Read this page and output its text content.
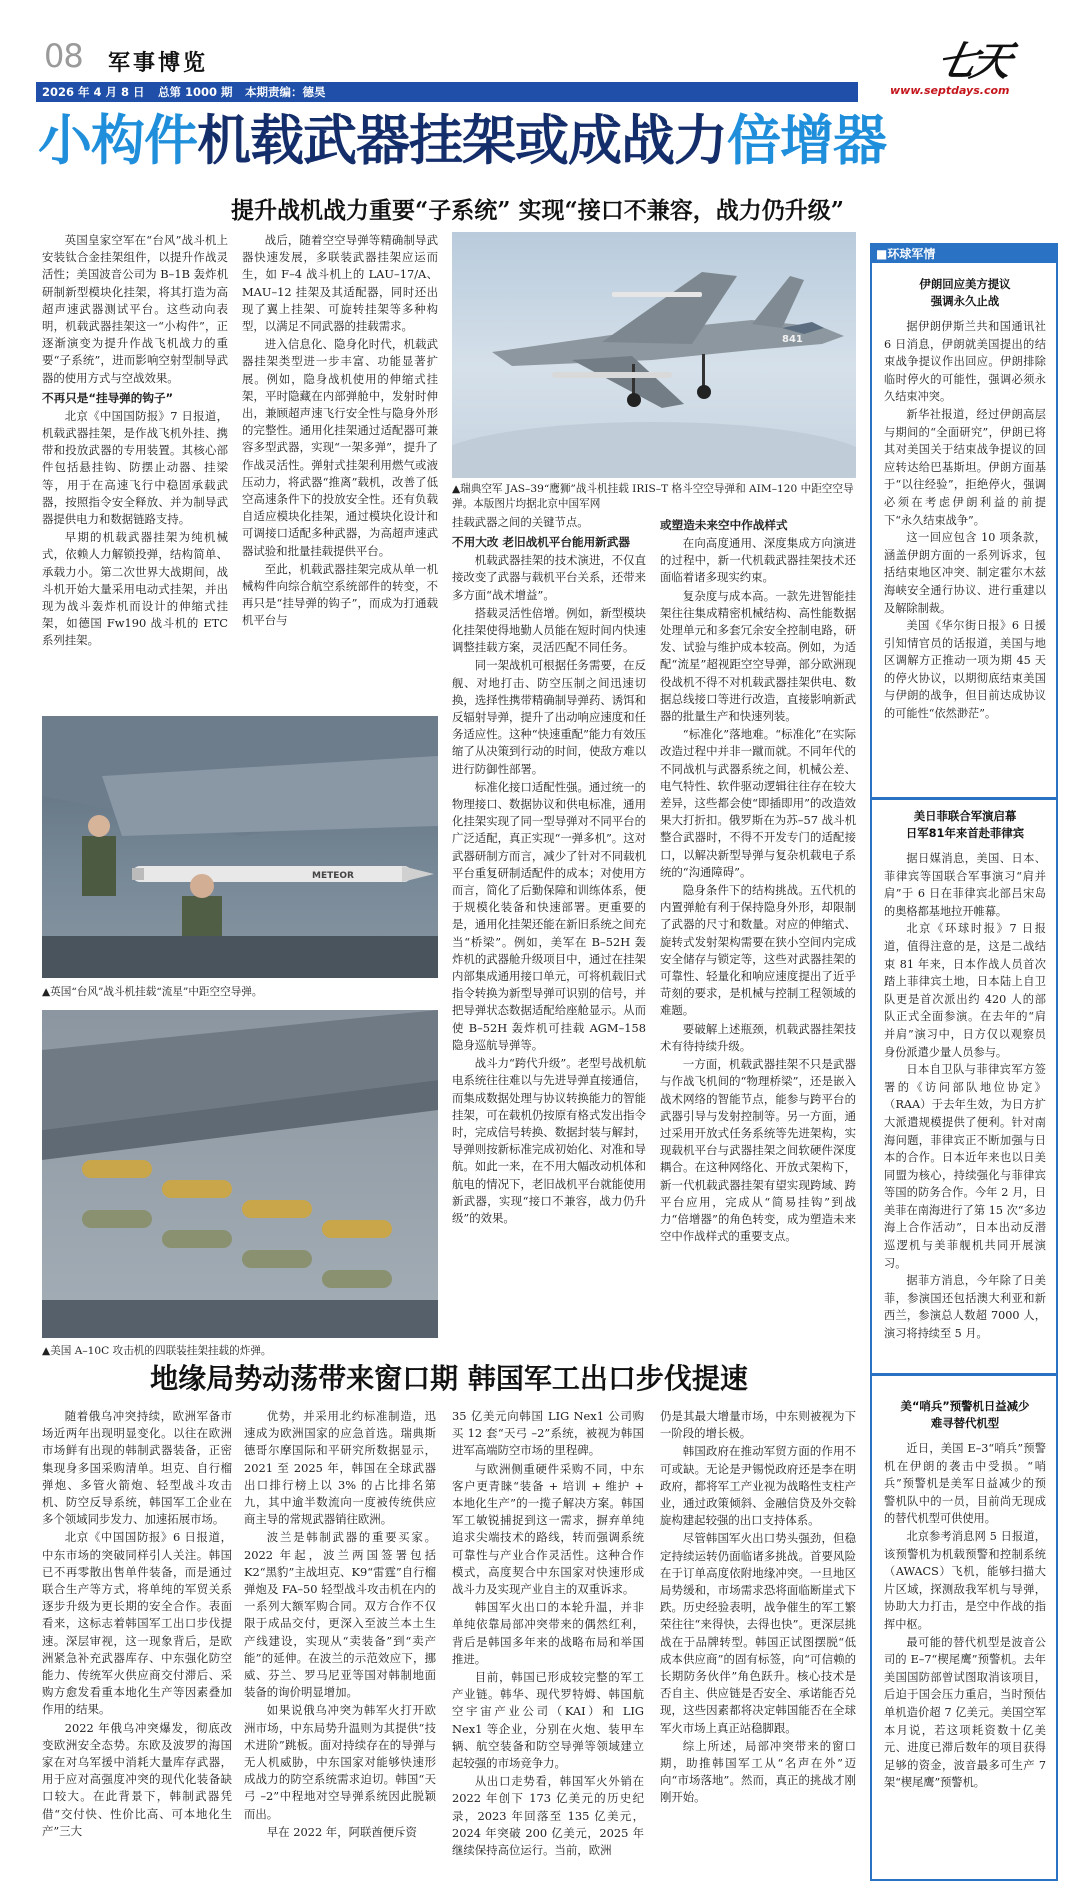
08 军事博览
2026 年 4 月 8 日 总第 1000 期 本期责编：德昊
七天
www.septdays.com
小构件机载武器挂架或成战力倍增器
提升战机战力重要“子系统” 实现“接口不兼容，战力仍升级”

英国皇家空军在“台风”战斗机上安装钛合金挂架组件，以提升作战灵活性；美国波音公司为 B–1B 轰炸机研制新型模块化挂架，将其打造为高超声速武器测试平台。这些动向表明，机载武器挂架这一“小构件”，正逐渐演变为提升作战飞机战力的重要“子系统”，进而影响空射型制导武器的使用方式与空战效果。

不再只是“挂导弹的钩子”

北京《中国国防报》7 日报道，机载武器挂架，是作战飞机外挂、携带和投放武器的专用装置。其核心部件包括悬挂钩、防摆止动器、挂梁等，用于在高速飞行中稳固承载武器，按照指令安全释放、并为制导武器提供电力和数据链路支持。

早期的机载武器挂架为纯机械式，依赖人力解锁投弹，结构简单、承载力小。第二次世界大战期间，战斗机开始大量采用电动式挂架，并出现为战斗轰炸机而设计的伸缩式挂架，如德国 Fw190 战斗机的 ETC 系列挂架。

战后，随着空空导弹等精确制导武器快速发展，多联装武器挂架应运而生，如 F–4 战斗机上的 LAU–17/A、MAU–12 挂架及其适配器，同时还出现了翼上挂架、可旋转挂架等多种构型，以满足不同武器的挂载需求。

进入信息化、隐身化时代，机载武器挂架类型进一步丰富、功能显著扩展。例如，隐身战机使用的伸缩式挂架，平时隐藏在内部弹舱中，发射时伸出，兼顾超声速飞行安全性与隐身外形的完整性。通用化挂架通过适配器可兼容多型武器，实现“一架多弹”，提升了作战灵活性。弹射式挂架利用燃气或液压动力，将武器“推离”载机，改善了低空高速条件下的投放安全性。还有负载自适应模块化挂架，通过模块化设计和可调接口适配多种武器，为高超声速武器试验和批量挂载提供平台。

至此，机载武器挂架完成从单一机械构件向综合航空系统部件的转变，不再只是“挂导弹的钩子”，而成为打通载机平台与

841
▲瑞典空军 JAS–39“鹰狮”战斗机挂载 IRIS–T 格斗空空导弹和 AIM–120 中距空空导弹。本版图片均据北京中国军网

挂载武器之间的关键节点。

不用大改 老旧战机平台能用新武器

机载武器挂架的技术演进，不仅直接改变了武器与载机平台关系，还带来多方面“战术增益”。

搭载灵活性倍增。例如，新型模块化挂架使得地勤人员能在短时间内快速调整挂载方案，灵活匹配不同任务。

同一架战机可根据任务需要，在反舰、对地打击、防空压制之间迅速切换，选择性携带精确制导弹药、诱饵和反辐射导弹，提升了出动响应速度和任务适应性。这种“快速重配”能力有效压缩了从决策到行动的时间，使敌方难以进行防御性部署。

标准化接口适配性强。通过统一的物理接口、数据协议和供电标准，通用化挂架实现了同一型导弹对不同平台的广泛适配，真正实现“一弹多机”。这对武器研制方而言，减少了针对不同载机平台重复研制适配件的成本；对使用方而言，简化了后勤保障和训练体系，便于规模化装备和快速部署。更重要的是，通用化挂架还能在新旧系统之间充当“桥梁”。例如，美军在 B–52H 轰炸机的武器舱升级项目中，通过在挂架内部集成通用接口单元，可将机载旧式指令转换为新型导弹可识别的信号，并把导弹状态数据适配给座舱显示。从而使 B–52H 轰炸机可挂载 AGM–158 隐身巡航导弹等。

战斗力“跨代升级”。老型号战机航电系统往往难以与先进导弹直接通信，而集成数据处理与协议转换能力的智能挂架，可在载机仍按原有格式发出指令时，完成信号转换、数据封装与解封，导弹则按新标准完成初始化、对准和导航。如此一来，在不用大幅改动机体和航电的情况下，老旧战机平台就能使用新武器，实现“接口不兼容，战力仍升级”的效果。

或塑造未来空中作战样式

在向高度通用、深度集成方向演进的过程中，新一代机载武器挂架技术还面临着诸多现实约束。

复杂度与成本高。一款先进智能挂架往往集成精密机械结构、高性能数据处理单元和多套冗余安全控制电路，研发、试验与维护成本较高。例如，为适配“流星”超视距空空导弹，部分欧洲现役战机不得不对机载武器挂架供电、数据总线接口等进行改造，直接影响新武器的批量生产和快速列装。

“标准化”落地难。“标准化”在实际改造过程中并非一蹴而就。不同年代的不同战机与武器系统之间，机械公差、电气特性、软件驱动逻辑往往存在较大差异，这些都会使“即插即用”的改造效果大打折扣。俄罗斯在为苏–57 战斗机整合武器时，不得不开发专门的适配接口，以解决新型导弹与复杂机载电子系统的“沟通障碍”。

隐身条件下的结构挑战。五代机的内置弹舱有利于保持隐身外形，却限制了武器的尺寸和数量。对应的伸缩式、旋转式发射架构需要在狭小空间内完成安全储存与锁定等，这些对武器挂架的可靠性、轻量化和响应速度提出了近乎苛刻的要求，是机械与控制工程领域的难题。

要破解上述瓶颈，机载武器挂架技术有待持续升级。

一方面，机载武器挂架不只是武器与作战飞机间的“物理桥梁”，还是嵌入战术网络的智能节点，能参与跨平台的武器引导与发射控制等。另一方面，通过采用开放式任务系统等先进架构，实现载机平台与武器挂架之间软硬件深度耦合。在这种网络化、开放式架构下，新一代机载武器挂架有望实现跨域、跨平台应用，完成从“简易挂钩”到战力“倍增器”的角色转变，成为塑造未来空中作战样式的重要支点。

METEOR
▲英国“台风”战斗机挂载“流星”中距空空导弹。
▲美国 A–10C 攻击机的四联装挂架挂载的炸弹。
■环球军情
伊朗回应美方提议
强调永久止战

据伊朗伊斯兰共和国通讯社 6 日消息，伊朗就美国提出的结束战争提议作出回应。伊朗排除临时停火的可能性，强调必须永久结束冲突。

新华社报道，经过伊朗高层与期间的“全面研究”，伊朗已将其对美国关于结束战争提议的回应转达给巴基斯坦。伊朗方面基于“以往经验”，拒绝停火，强调必须在考虑伊朗利益的前提下“永久结束战争”。

这一回应包含 10 项条款，涵盖伊朗方面的一系列诉求，包括结束地区冲突、制定霍尔木兹海峡安全通行协议、进行重建以及解除制裁。

美国《华尔街日报》6 日援引知情官员的话报道，美国与地区调解方正推动一项为期 45 天的停火协议，以期彻底结束美国与伊朗的战争，但目前达成协议的可能性“依然渺茫”。

美日菲联合军演启幕
日军81年来首赴菲律宾

据日媒消息，美国、日本、菲律宾等国联合军事演习“肩并肩”于 6 日在菲律宾北部吕宋岛的奥格都基地拉开帷幕。

北京《环球时报》7 日报道，值得注意的是，这是二战结束 81 年来，日本作战人员首次踏上菲律宾土地，日本陆上自卫队更是首次派出约 420 人的部队正式全面参演。在去年的“肩并肩”演习中，日方仅以观察员身份派遣少量人员参与。

日本自卫队与菲律宾军方签署的《访问部队地位协定》（RAA）于去年生效，为日方扩大派遣规模提供了便利。针对南海问题，菲律宾正不断加强与日本的合作。日本近年来也以日美同盟为核心，持续强化与菲律宾等国的防务合作。今年 2 月，日美菲在南海进行了第 15 次“多边海上合作活动”，日本出动反潜巡逻机与美菲舰机共同开展演习。

据菲方消息，今年除了日美菲，参演国还包括澳大利亚和新西兰，参演总人数超 7000 人，演习将持续至 5 月。

美“哨兵”预警机日益减少
难寻替代机型

近日，美国 E–3“哨兵”预警机在伊朗的袭击中受损。“哨兵”预警机是美军日益减少的预警机队中的一员，目前尚无现成的替代机型可供使用。

北京参考消息网 5 日报道，该预警机为机载预警和控制系统（AWACS）飞机，能够扫描大片区域，探测敌我军机与导弹，协助大力打击，是空中作战的指挥中枢。

最可能的替代机型是波音公司的 E–7“楔尾鹰”预警机。去年美国国防部曾试图取消该项目，后迫于国会压力重启，当时预估单机造价超 7 亿美元。美国空军本月说，若这项耗资数十亿美元、进度已滞后数年的项目获得足够的资金，波音最多可生产 7 架“楔尾鹰”预警机。

地缘局势动荡带来窗口期 韩国军工出口步伐提速

随着俄乌冲突持续，欧洲军备市场近两年出现明显变化。以往在欧洲市场鲜有出现的韩制武器装备，正密集现身多国采购清单。坦克、自行榴弹炮、多管火箭炮、轻型战斗攻击机、防空反导系统，韩国军工企业在多个领域同步发力、加速拓展市场。

北京《中国国防报》6 日报道，中东市场的突破同样引人关注。韩国已不再零散出售单件装备，而是通过联合生产等方式，将单纯的军贸关系逐步升级为更长期的安全合作。表面看来，这标志着韩国军工出口步伐提速。深层审视，这一现象背后，是欧洲紧急补充武器库存、中东强化防空能力、传统军火供应商交付滞后、采购方愈发看重本地化生产等因素叠加作用的结果。

2022 年俄乌冲突爆发，彻底改变欧洲安全态势。东欧及波罗的海国家在对乌军援中消耗大量库存武器，用于应对高强度冲突的现代化装备缺口较大。在此背景下，韩制武器凭借“交付快、性价比高、可本地化生产”三大

优势，并采用北约标准制造，迅速成为欧洲国家的应急首选。瑞典斯德哥尔摩国际和平研究所数据显示，2021 至 2025 年，韩国在全球武器出口排行榜上以 3% 的占比排名第九，其中逾半数流向一度被传统供应商主导的常规武器销往欧洲。

波兰是韩制武器的重要买家。2022 年起，波兰两国签署包括 K2“黑豹”主战坦克、K9“雷霆”自行榴弹炮及 FA–50 轻型战斗攻击机在内的一系列大额军购合同。双方合作不仅限于成品交付，更深入至波兰本土生产线建设，实现从“卖装备”到“卖产能”的延伸。在波兰的示范效应下，挪威、芬兰、罗马尼亚等国对韩制地面装备的询价明显增加。

如果说俄乌冲突为韩军火打开欧洲市场，中东局势升温则为其提供“技术进阶”跳板。面对持续存在的导弹与无人机威胁，中东国家对能够快速形成战力的防空系统需求迫切。韩国“天弓 –2”中程地对空导弹系统因此脱颖而出。

早在 2022 年，阿联酋便斥资

35 亿美元向韩国 LIG Nex1 公司购买 12 套“天弓 –2”系统，被视为韩国进军高端防空市场的里程碑。

与欧洲侧重硬件采购不同，中东客户更青睐“装备 + 培训 + 维护 + 本地化生产”的一揽子解决方案。韩国军工敏锐捕捉到这一需求，摒弃单纯追求尖端技术的路线，转而强调系统可靠性与产业合作灵活性。这种合作模式，高度契合中东国家对快速形成战斗力及实现产业自主的双重诉求。

韩国军火出口的本轮升温，并非单纯依靠局部冲突带来的偶然红利，背后是韩国多年来的战略布局和举国推进。

目前，韩国已形成较完整的军工产业链。韩华、现代罗特姆、韩国航空宇宙产业公司（KAI）和 LIG Nex1 等企业，分别在火炮、装甲车辆、航空装备和防空导弹等领域建立起较强的市场竞争力。

从出口走势看，韩国军火外销在 2022 年创下 173 亿美元的历史纪录，2023 年回落至 135 亿美元，2024 年突破 200 亿美元，2025 年继续保持高位运行。当前，欧洲

仍是其最大增量市场，中东则被视为下一阶段的增长极。

韩国政府在推动军贸方面的作用不可或缺。无论是尹锡悦政府还是李在明政府，都将军工产业视为战略性支柱产业，通过政策倾斜、金融信贷及外交斡旋构建起较强的出口支持体系。

尽管韩国军火出口势头强劲，但稳定持续运转仍面临诸多挑战。首要风险在于订单高度依附地缘冲突。一旦地区局势缓和，市场需求恐将面临断崖式下跌。历史经验表明，战争催生的军工繁荣往往“来得快，去得也快”。更深层挑战在于品牌转型。韩国正试图摆脱“低成本供应商”的固有标签，向“可信赖的长期防务伙伴”角色跃升。核心技术是否自主、供应链是否安全、承诺能否兑现，这些因素都将决定韩国能否在全球军火市场上真正站稳脚跟。

综上所述，局部冲突带来的窗口期，助推韩国军工从“名声在外”迈向“市场落地”。然而，真正的挑战才刚刚开始。
